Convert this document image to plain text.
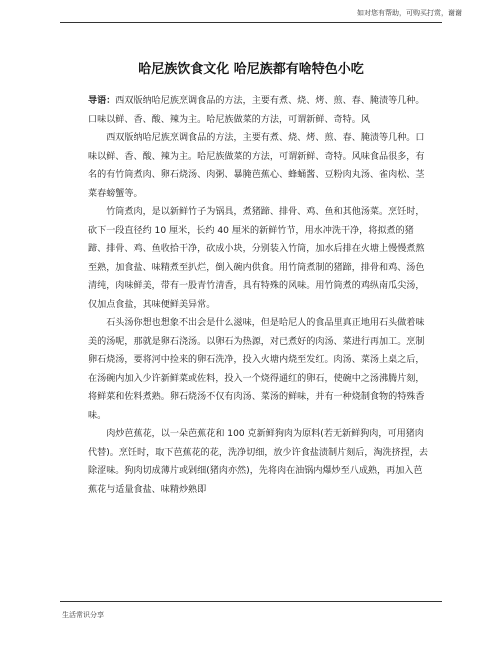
如对您有帮助，可购买打赏，谢谢

哈尼族饮食文化 哈尼族都有啥特色小吃

导语：西双版纳哈尼族烹调食品的方法，主要有煮、烧、烤、煎、春、腌渍等几种。口味以鲜、香、酸、辣为主。哈尼族做菜的方法，可谓新鲜、奇特。风

西双版纳哈尼族烹调食品的方法，主要有煮、烧、烤、煎、春、腌渍等几种。口味以鲜、香、酸、辣为主。哈尼族做菜的方法，可谓新鲜、奇特。风味食品很多，有名的有竹筒煮肉、卵石烧汤、肉粥、暴腌芭蕉心、蜂蛹酱、豆粉肉丸汤、雀肉松、茎菜春螃蟹等。

竹筒煮肉，是以新鲜竹子为锅具，煮猪蹄、排骨、鸡、鱼和其他汤菜。烹饪时，砍下一段直径约 10 厘米，长约 40 厘米的新鲜竹节，用水冲洗干净，将拟煮的猪蹄、排骨、鸡、鱼收拾干净，砍成小块，分别装入竹筒，加水后排在火塘上慢慢煮熬至熟，加食盐、味精煮至扒烂，倒入碗内供食。用竹筒煮制的猪蹄，排骨和鸡、汤色清纯，肉味鲜美，带有一股青竹清香，具有特殊的风味。用竹筒煮的鸡纵南瓜尖汤，仅加点食盐，其味便鲜美异常。

石头汤你想也想象不出会是什么滋味，但是哈尼人的食品里真正地用石头做着味美的汤呢，那就是卵石浇汤。以卵石为热源，对已煮好的肉汤、菜进行再加工。烹制卵石烧汤，要将河中捡来的卵石洗净，投入火塘内烧至发红。肉汤、菜汤上桌之后，在汤碗内加入少许新鲜菜或佐料，投入一个烧得通红的卵石，使碗中之汤沸腾片刻，将鲜菜和佐料煮熟。卵石烧汤不仅有肉汤、菜汤的鲜味，并有一种烧制食物的特殊香味。

肉炒芭蕉花，以一朵芭蕉花和 100 克新鲜狗肉为原料(若无新鲜狗肉，可用猪肉代替)。烹饪时，取下芭蕉花的花，洗净切细，放少许食盐渍制片刻后，淘洗挤捏，去除涩味。狗肉切成薄片或剁细(猪肉亦然)，先将肉在油锅内爆炒至八成熟，再加入芭蕉花与适量食盐、味精炒熟即

生活常识分享
